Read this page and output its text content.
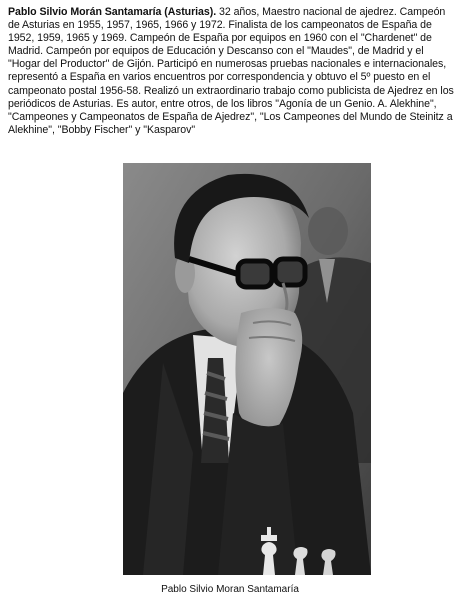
Pablo Silvio Morán Santamaría (Asturias). 32 años, Maestro nacional de ajedrez. Campeón de Asturias en 1955, 1957, 1965, 1966 y 1972. Finalista de los campeonatos de España de 1952, 1959, 1965 y 1969. Campeón de España por equipos en 1960 con el "Chardenet" de Madrid. Campeón por equipos de Educación y Descanso con el "Maudes", de Madrid y el "Hogar del Productor" de Gijón. Participó en numerosas pruebas nacionales e internacionales, representó a España en varios encuentros por correspondencia y obtuvo el 5º puesto en el campeonato postal 1956-58. Realizó un extraordinario trabajo como publicista de Ajedrez en los periódicos de Asturias. Es autor, entre otros, de los libros "Agonía de un Genio. A. Alekhine", "Campeones y Campeonatos de España de Ajedrez", "Los Campeones del Mundo de Steinitz a Alekhine", "Bobby Fischer" y "Kasparov"

Pablo Silvio Moran Santamaría
